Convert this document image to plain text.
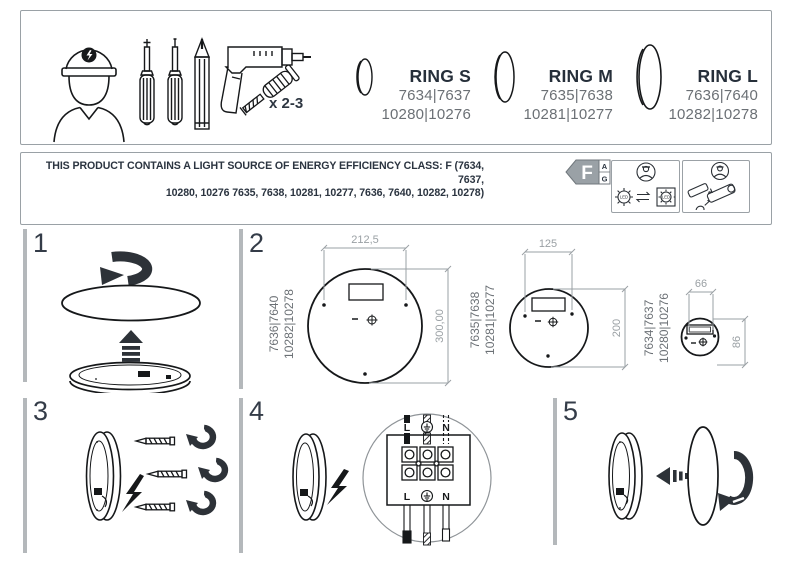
x 2-3
RING S
7634|7637
10280|10276
RING M
7635|7638
10281|10277
RING L
7636|7640
10282|10278
THIS PRODUCT CONTAINS A LIGHT SOURCE OF ENERGY EFFICIENCY CLASS: F (7634, 7637,
10280, 10276 7635, 7638, 10281, 10277, 7636, 7640, 10282, 10278)
F A
G
LED	LED
1	2
7636|7640 10282|10278
212,5
300,00 7635|7638 10281|10277
125
200 7634|7637 10280|10276
66
86
3	4
L	N
L	N
5
